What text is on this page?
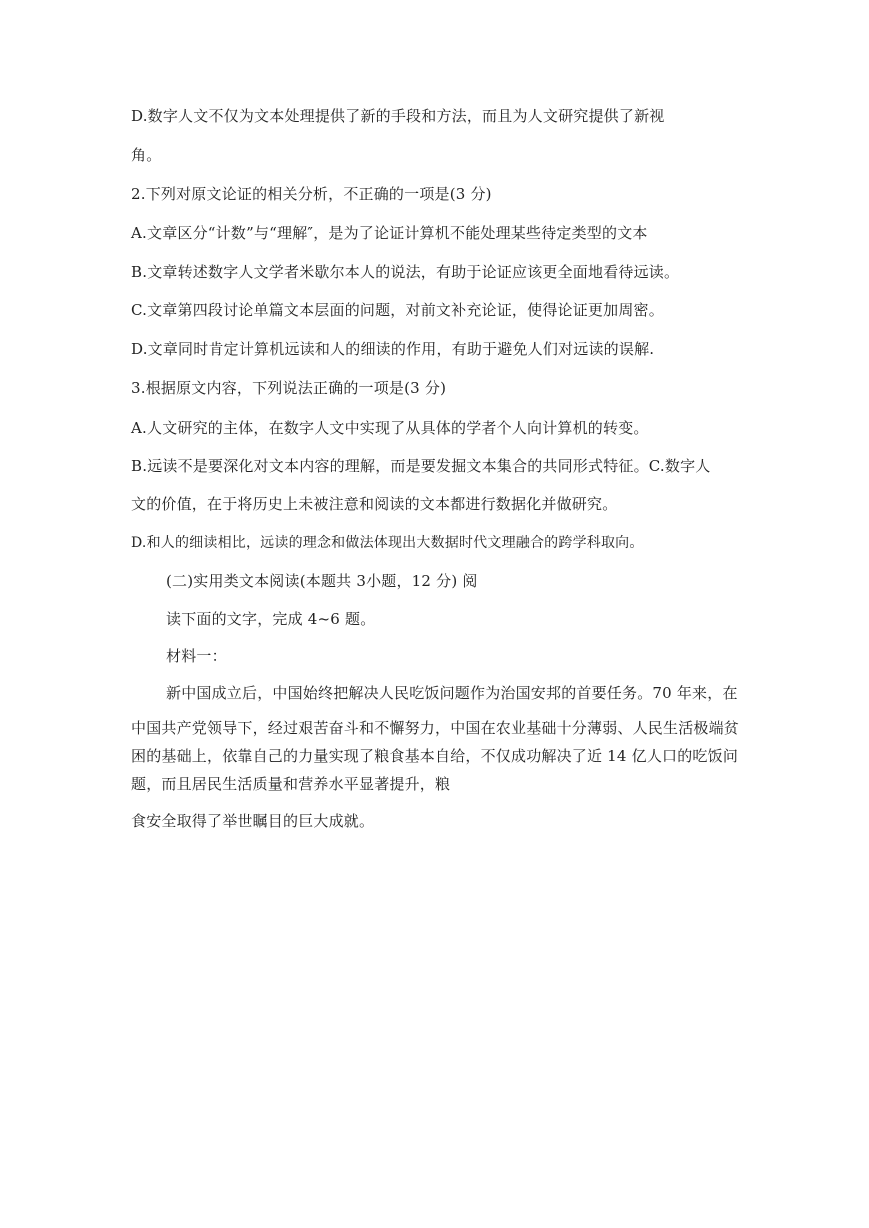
D.数字人文不仅为文本处理提供了新的手段和方法，而且为人文研究提供了新视
角。
2.下列对原文论证的相关分析，不正确的一项是(3 分)
A.文章区分“计数”与“理解″，是为了论证计算机不能处理某些待定类型的文本
B.文章转述数字人文学者米歇尔本人的说法，有助于论证应该更全面地看待远读。
C.文章第四段讨论单篇文本层面的问题，对前文补充论证，使得论证更加周密。
D.文章同时肯定计算机远读和人的细读的作用，有助于避免人们对远读的误解.
3.根据原文内容，下列说法正确的一项是(3 分)
A.人文研究的主体，在数字人文中实现了从具体的学者个人向计算机的转变。
B.远读不是要深化对文本内容的理解，而是要发掘文本集合的共同形式特征。C.数字人
文的价值，在于将历史上未被注意和阅读的文本都进行数据化并做研究。
D.和人的细读相比，远读的理念和做法体现出大数据时代文理融合的跨学科取向。
(二)实用类文本阅读(本题共 3小题，12 分) 阅
读下面的文字，完成 4~6 题。
材料一：
新中国成立后，中国始终把解决人民吃饭问题作为治国安邦的首要任务。70 年来，在
中国共产党领导下，经过艰苦奋斗和不懈努力，中国在农业基础十分薄弱、人民生活极端贫
困的基础上，依靠自己的力量实现了粮食基本自给，不仅成功解决了近 14 亿人口的吃饭问
题，而且居民生活质量和营养水平显著提升，粮
食安全取得了举世瞩目的巨大成就。
